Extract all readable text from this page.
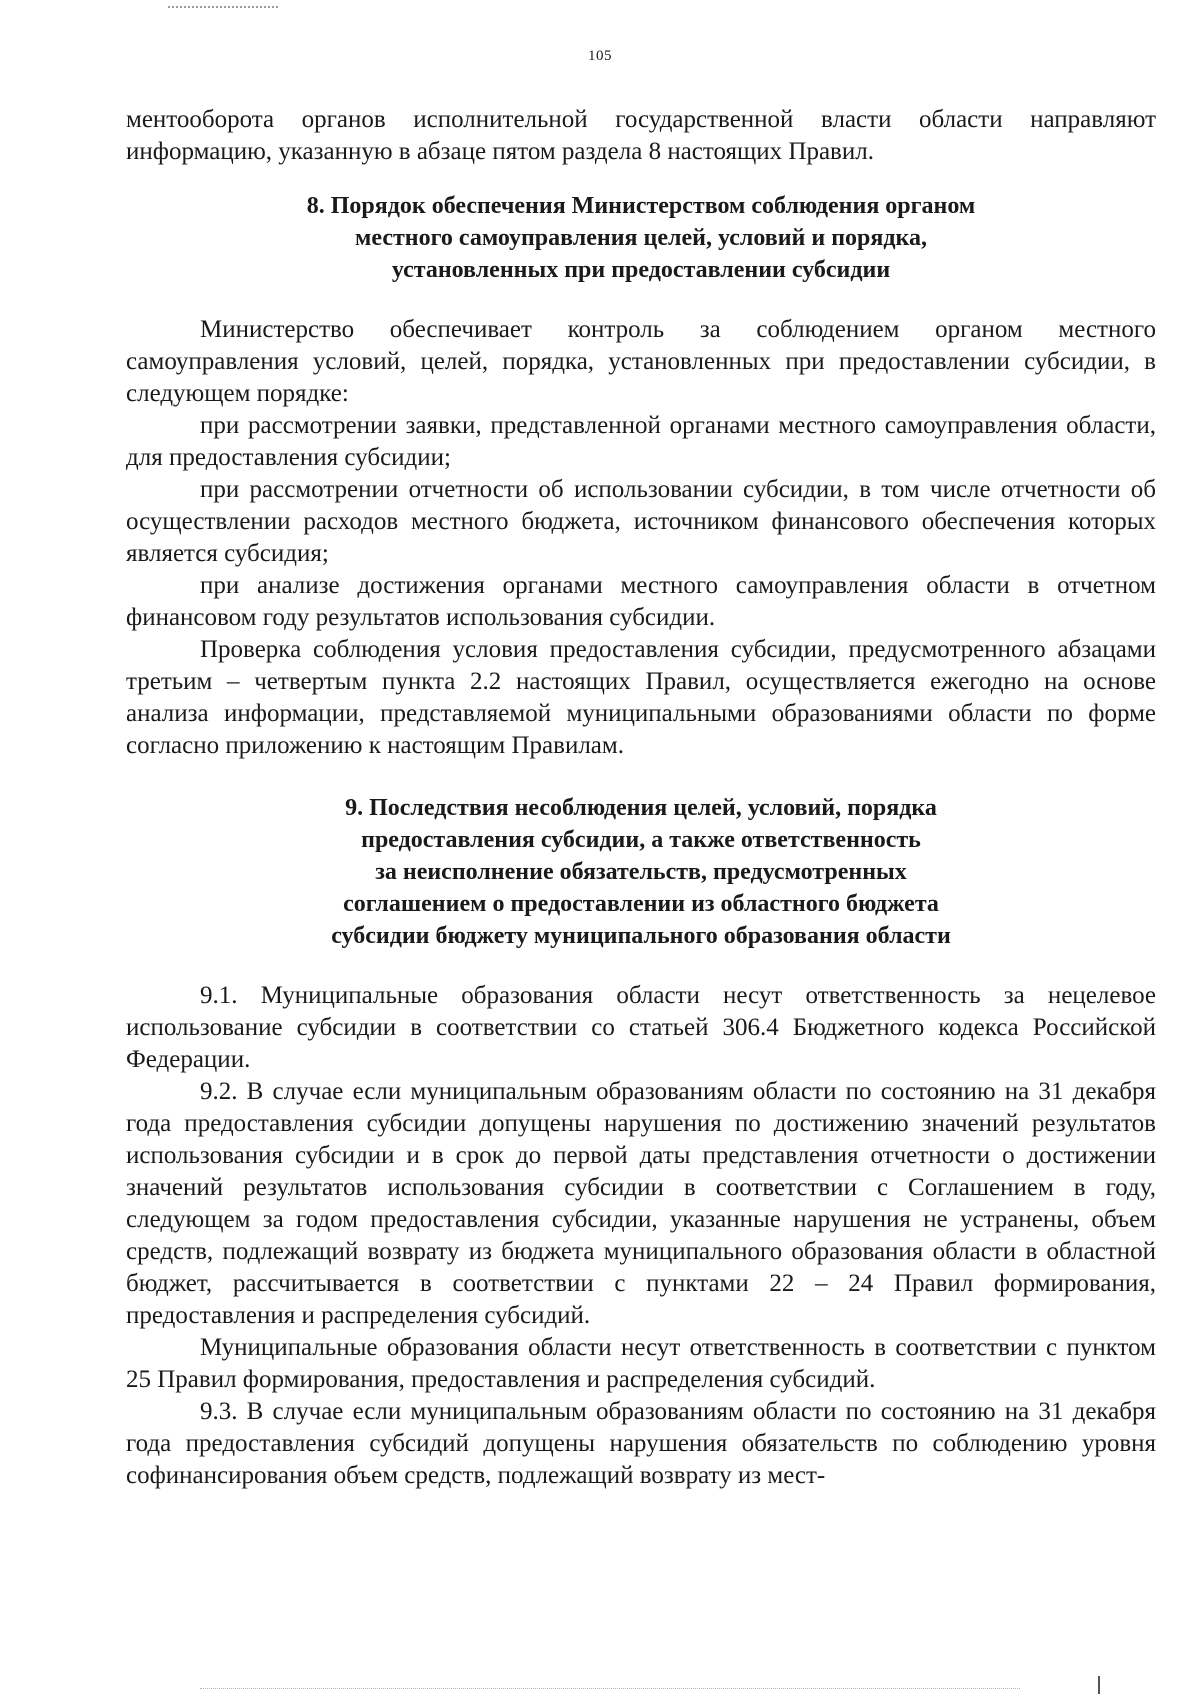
105

ментооборота органов исполнительной государственной власти области направляют информацию, указанную в абзаце пятом раздела 8 настоящих Правил.

8. Порядок обеспечения Министерством соблюдения органом
местного самоуправления целей, условий и порядка,
установленных при предоставлении субсидии

Министерство обеспечивает контроль за соблюдением органом местного самоуправления условий, целей, порядка, установленных при предоставлении субсидии, в следующем порядке:

при рассмотрении заявки, представленной органами местного самоуправления области, для предоставления субсидии;

при рассмотрении отчетности об использовании субсидии, в том числе отчетности об осуществлении расходов местного бюджета, источником финансового обеспечения которых является субсидия;

при анализе достижения органами местного самоуправления области в отчетном финансовом году результатов использования субсидии.

Проверка соблюдения условия предоставления субсидии, предусмотренного абзацами третьим – четвертым пункта 2.2 настоящих Правил, осуществляется ежегодно на основе анализа информации, представляемой муниципальными образованиями области по форме согласно приложению к настоящим Правилам.

9. Последствия несоблюдения целей, условий, порядка
предоставления субсидии, а также ответственность
за неисполнение обязательств, предусмотренных
соглашением о предоставлении из областного бюджета
субсидии бюджету муниципального образования области

9.1. Муниципальные образования области несут ответственность за нецелевое использование субсидии в соответствии со статьей 306.4 Бюджетного кодекса Российской Федерации.

9.2. В случае если муниципальным образованиям области по состоянию на 31 декабря года предоставления субсидии допущены нарушения по достижению значений результатов использования субсидии и в срок до первой даты представления отчетности о достижении значений результатов использования субсидии в соответствии с Соглашением в году, следующем за годом предоставления субсидии, указанные нарушения не устранены, объем средств, подлежащий возврату из бюджета муниципального образования области в областной бюджет, рассчитывается в соответствии с пунктами 22 – 24 Правил формирования, предоставления и распределения субсидий.

Муниципальные образования области несут ответственность в соответствии с пунктом 25 Правил формирования, предоставления и распределения субсидий.

9.3. В случае если муниципальным образованиям области по состоянию на 31 декабря года предоставления субсидий допущены нарушения обязательств по соблюдению уровня софинансирования объем средств, подлежащий возврату из мест-
